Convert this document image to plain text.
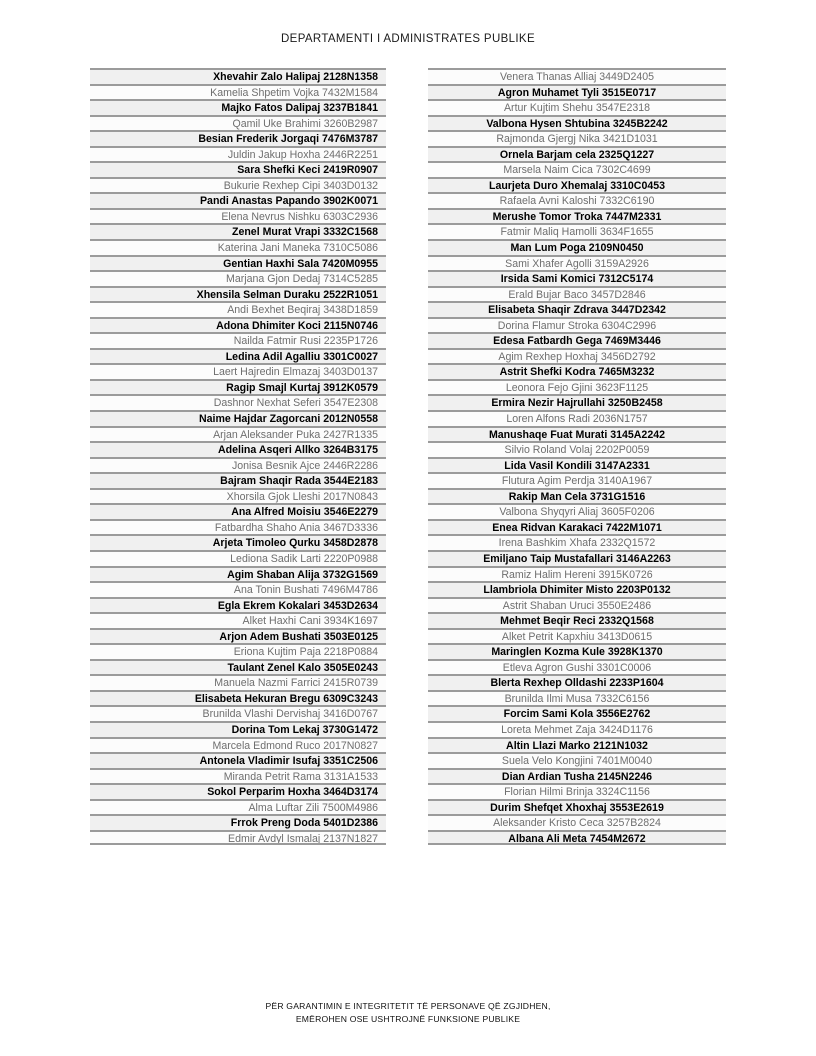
DEPARTAMENTI I ADMINISTRATES PUBLIKE
Xhevahir Zalo Halipaj 2128N1358
Kamelia Shpetim Vojka 7432M1584
Majko Fatos Dalipaj 3237B1841
Qamil Uke Brahimi 3260B2987
Besian Frederik Jorgaqi 7476M3787
Juldin Jakup Hoxha 2446R2251
Sara Shefki Keci 2419R0907
Bukurie Rexhep Cipi 3403D0132
Pandi Anastas Papando 3902K0071
Elena Nevrus Nishku 6303C2936
Zenel Murat Vrapi 3332C1568
Katerina Jani Maneka 7310C5086
Gentian Haxhi Sala 7420M0955
Marjana Gjon Dedaj 7314C5285
Xhensila Selman Duraku 2522R1051
Andi Bexhet Beqiraj 3438D1859
Adona Dhimiter Koci 2115N0746
Nailda Fatmir Rusi 2235P1726
Ledina Adil Agalliu 3301C0027
Laert Hajredin Elmazaj 3403D0137
Ragip Smajl Kurtaj 3912K0579
Dashnor Nexhat Seferi 3547E2308
Naime Hajdar Zagorcani 2012N0558
Arjan Aleksander Puka 2427R1335
Adelina Asqeri Allko 3264B3175
Jonisa Besnik Ajce 2446R2286
Bajram Shaqir Rada 3544E2183
Xhorsila Gjok Lleshi 2017N0843
Ana Alfred Moisiu 3546E2279
Fatbardha Shaho Ania 3467D3336
Arjeta Timoleo Qurku 3458D2878
Lediona Sadik Larti 2220P0988
Agim Shaban Alija 3732G1569
Ana Tonin Bushati 7496M4786
Egla Ekrem Kokalari 3453D2634
Alket Haxhi Cani 3934K1697
Arjon Adem Bushati 3503E0125
Eriona Kujtim Paja 2218P0884
Taulant Zenel Kalo 3505E0243
Manuela Nazmi Farrici 2415R0739
Elisabeta Hekuran Bregu 6309C3243
Brunilda Vlashi Dervishaj 3416D0767
Dorina Tom Lekaj 3730G1472
Marcela Edmond Ruco 2017N0827
Antonela Vladimir Isufaj 3351C2506
Miranda Petrit Rama 3131A1533
Sokol Perparim Hoxha 3464D3174
Alma Luftar Zili 7500M4986
Frrok Preng Doda 5401D2386
Edmir Avdyl Ismalaj 2137N1827
Venera Thanas Alliaj 3449D2405
Agron Muhamet Tyli 3515E0717
Artur Kujtim Shehu 3547E2318
Valbona Hysen Shtubina 3245B2242
Rajmonda Gjergj Nika 3421D1031
Ornela Barjam cela 2325Q1227
Marsela Naim Cica 7302C4699
Laurjeta Duro Xhemalaj 3310C0453
Rafaela Avni Kaloshi 7332C6190
Merushe Tomor Troka 7447M2331
Fatmir Maliq Hamolli 3634F1655
Man Lum Poga 2109N0450
Sami Xhafer Agolli 3159A2926
Irsida Sami Komici 7312C5174
Erald Bujar Baco 3457D2846
Elisabeta Shaqir Zdrava 3447D2342
Dorina Flamur Stroka 6304C2996
Edesa Fatbardh Gega 7469M3446
Agim Rexhep Hoxhaj 3456D2792
Astrit Shefki Kodra 7465M3232
Leonora Fejo Gjini 3623F1125
Ermira Nezir Hajrullahi 3250B2458
Loren Alfons Radi 2036N1757
Manushaqe Fuat Murati 3145A2242
Silvio Roland Volaj 2202P0059
Lida Vasil Kondili 3147A2331
Flutura Agim Perdja 3140A1967
Rakip Man Cela 3731G1516
Valbona Shyqyri Aliaj 3605F0206
Enea Ridvan Karakaci 7422M1071
Irena Bashkim Xhafa 2332Q1572
Emiljano Taip Mustafallari 3146A2263
Ramiz Halim Hereni 3915K0726
Llambriola Dhimiter Misto 2203P0132
Astrit Shaban Uruci 3550E2486
Mehmet Beqir Reci 2332Q1568
Alket Petrit Kapxhiu 3413D0615
Maringlen Kozma Kule 3928K1370
Etleva Agron Gushi 3301C0006
Blerta Rexhep Olldashi 2233P1604
Brunilda Ilmi Musa 7332C6156
Forcim Sami Kola 3556E2762
Loreta Mehmet Zaja 3424D1176
Altin Llazi Marko 2121N1032
Suela Velo Kongjini 7401M0040
Dian Ardian Tusha 2145N2246
Florian Hilmi Brinja 3324C1156
Durim Shefqet Xhoxhaj 3553E2619
Aleksander Kristo Ceca 3257B2824
Albana Ali Meta 7454M2672
PËR GARANTIMIN E INTEGRITETIT TË PERSONAVE QË ZGJIDHEN,
EMËROHEN OSE USHTROJNË FUNKSIONE PUBLIKE
